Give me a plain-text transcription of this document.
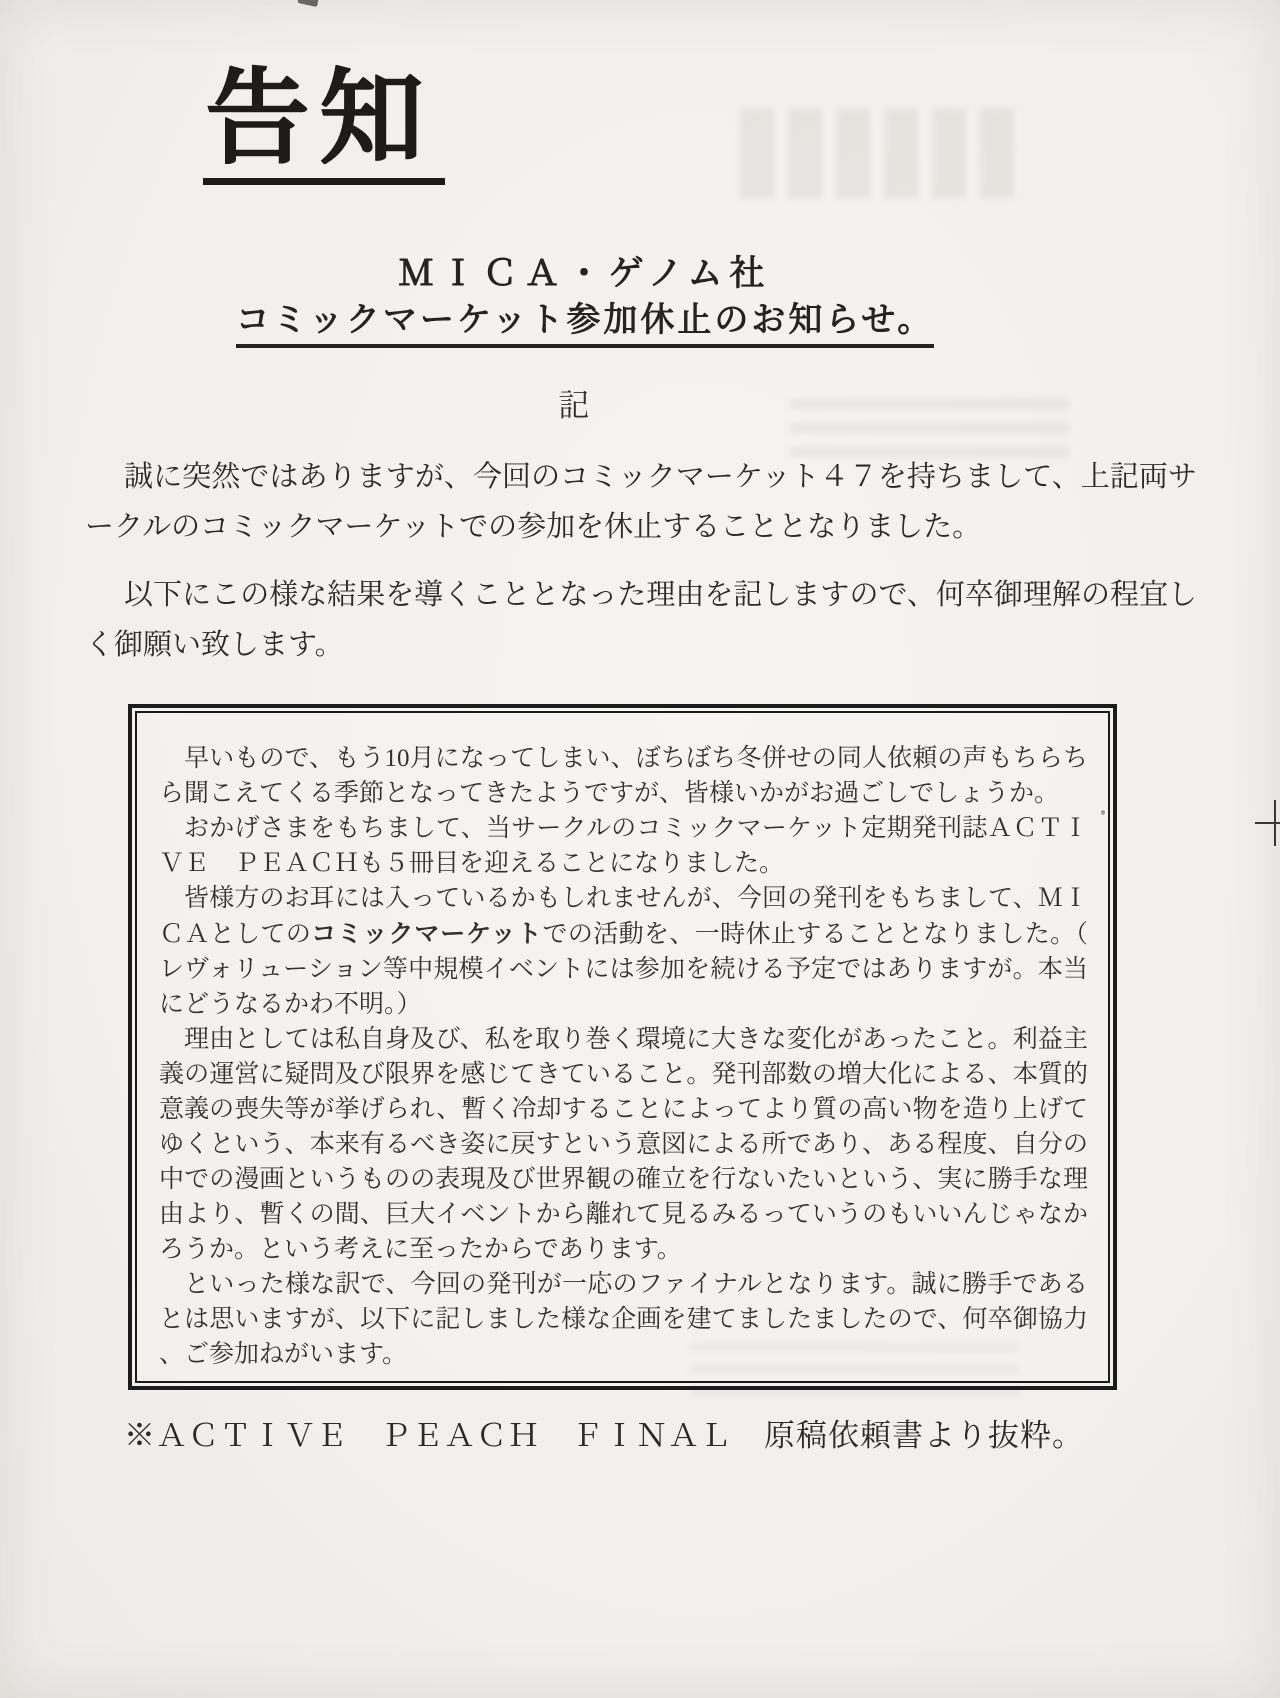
告知
ＭＩＣＡ・ゲノム社
コミックマーケット参加休止のお知らせ。
記

誠に突然ではありますが、今回のコミックマーケット４７を持ちまして、上記両サークルのコミックマーケットでの参加を休止することとなりました。

以下にこの様な結果を導くこととなった理由を記しますので、何卒御理解の程宜しく御願い致します。

早いもので、もう10月になってしまい、ぼちぼち冬併せの同人依頼の声もちらちら聞こえてくる季節となってきたようですが、皆様いかがお過ごしでしょうか。

おかげさまをもちまして、当サークルのコミックマーケット定期発刊誌ＡＣＴＩＶＥ　ＰＥＡＣＨも５冊目を迎えることになりました。

皆様方のお耳には入っているかもしれませんが、今回の発刊をもちまして、ＭＩＣＡとしてのコミックマーケットでの活動を、一時休止することとなりました。（レヴォリューション等中規模イベントには参加を続ける予定ではありますが。本当にどうなるかわ不明。）

理由としては私自身及び、私を取り巻く環境に大きな変化があったこと。利益主義の運営に疑問及び限界を感じてきていること。発刊部数の増大化による、本質的意義の喪失等が挙げられ、暫く冷却することによってより質の高い物を造り上げてゆくという、本来有るべき姿に戻すという意図による所であり、ある程度、自分の中での漫画というものの表現及び世界観の確立を行ないたいという、実に勝手な理由より、暫くの間、巨大イベントから離れて見るみるっていうのもいいんじゃなかろうか。という考えに至ったからであります。

といった様な訳で、今回の発刊が一応のファイナルとなります。誠に勝手であるとは思いますが、以下に記しました様な企画を建てましたましたので、何卒御協力、ご参加ねがいます。

※ＡＣＴＩＶＥ　ＰＥＡＣＨ　ＦＩＮＡＬ　原稿依頼書より抜粋。
